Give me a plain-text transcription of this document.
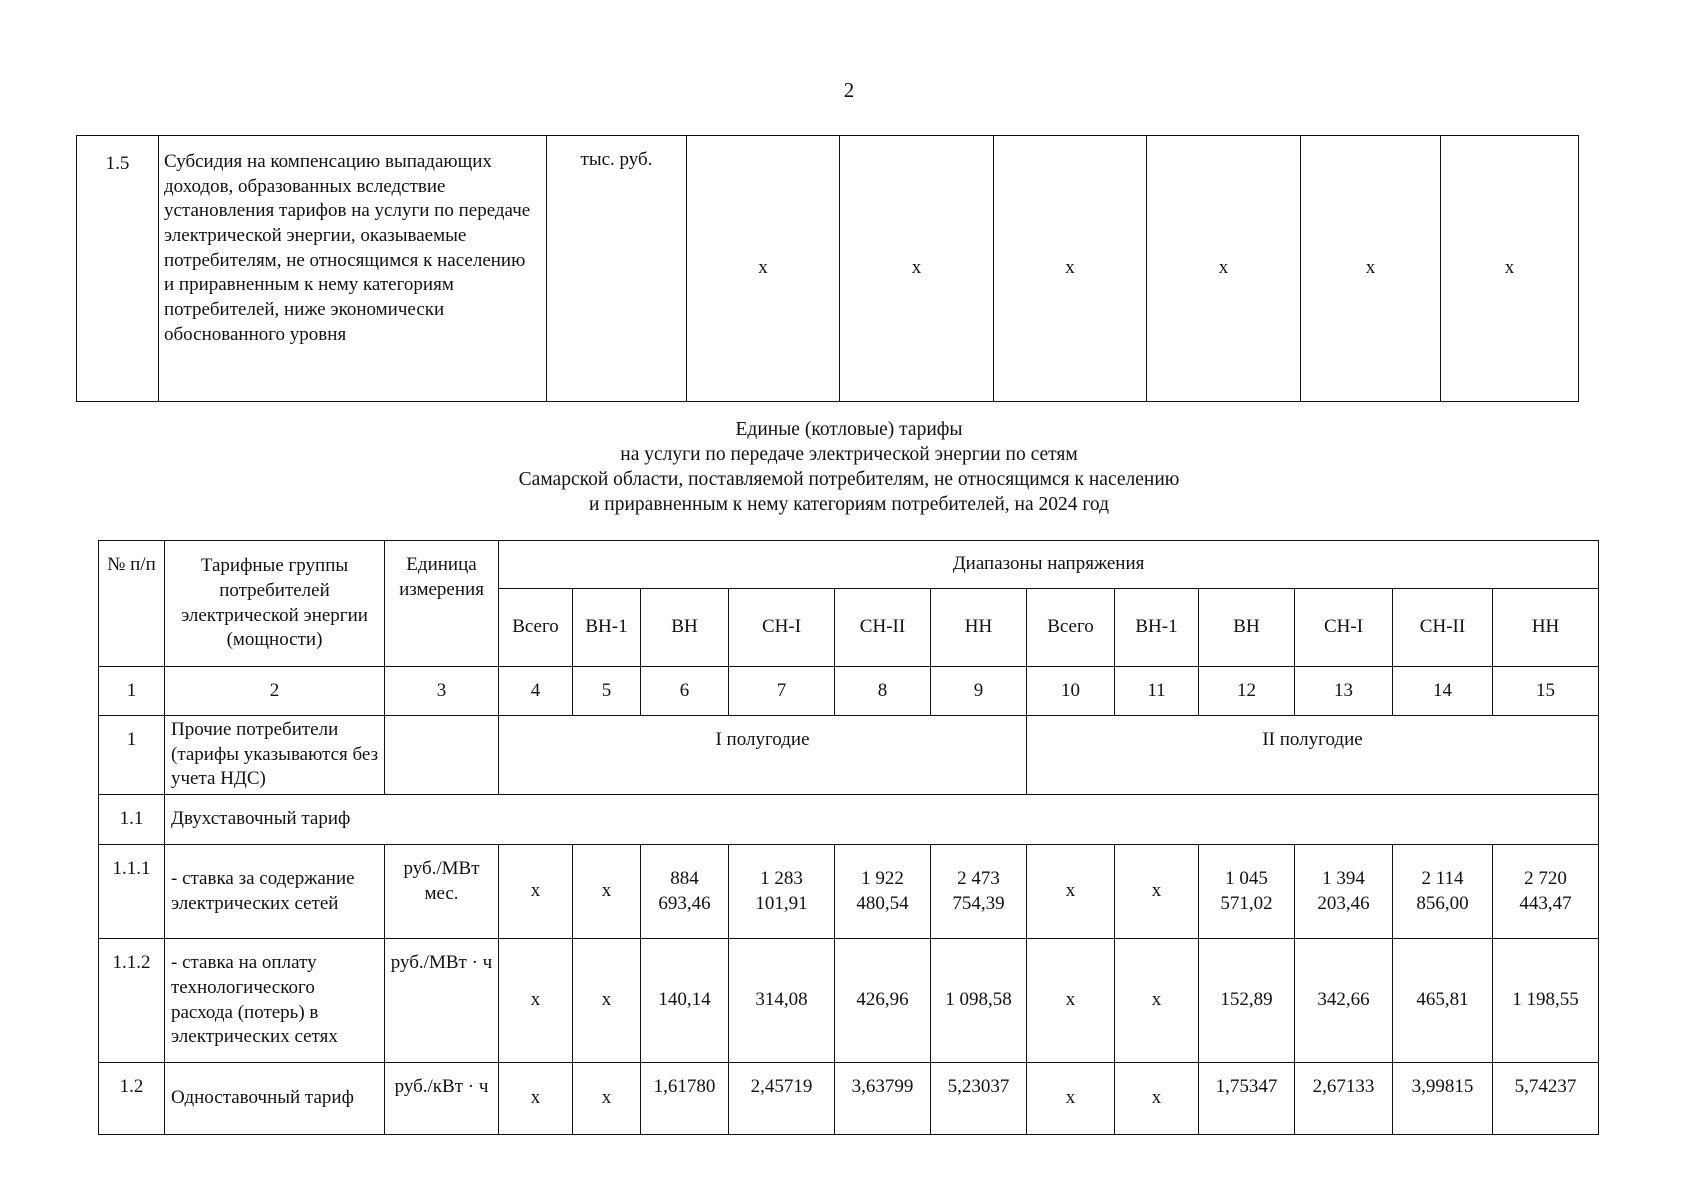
2
1.5	Субсидия на компенсацию выпадающих доходов, образованных вследствие установления тарифов на услуги по передаче электрической энергии, оказываемые потребителям, не относящимся к населению и приравненным к нему категориям потребителей, ниже экономически обоснованного уровня	тыс. руб.	х	х	х	х	х	х
Единые (котловые) тарифы
на услуги по передаче электрической энергии по сетям
Самарской области, поставляемой потребителям, не относящимся к населению
и приравненным к нему категориям потребителей, на 2024 год
№ п/п	Тарифные группы потребителей электрической энергии (мощности)	Единица измерения	Диапазоны напряжения											
			Всего	ВН-1	ВН	СН-I	СН-II	НН	Всего	ВН-1	ВН	СН-I	СН-II	НН
1	2	3	4	5	6	7	8	9	10	11	12	13	14	15
1	Прочие потребители (тарифы указываются без учета НДС)		I полугодие						II полугодие					
1.1	Двухставочный тариф													
1.1.1	- ставка за содержание электрических сетей	руб./МВт мес.	х	х	884 693,46	1 283 101,91	1 922 480,54	2 473 754,39	х	х	1 045 571,02	1 394 203,46	2 114 856,00	2 720 443,47
1.1.2	- ставка на оплату технологического расхода (потерь) в электрических сетях	руб./МВт · ч	х	х	140,14	314,08	426,96	1 098,58	х	х	152,89	342,66	465,81	1 198,55
1.2	Одноставочный тариф	руб./кВт · ч	х	х	1,61780	2,45719	3,63799	5,23037	х	х	1,75347	2,67133	3,99815	5,74237
